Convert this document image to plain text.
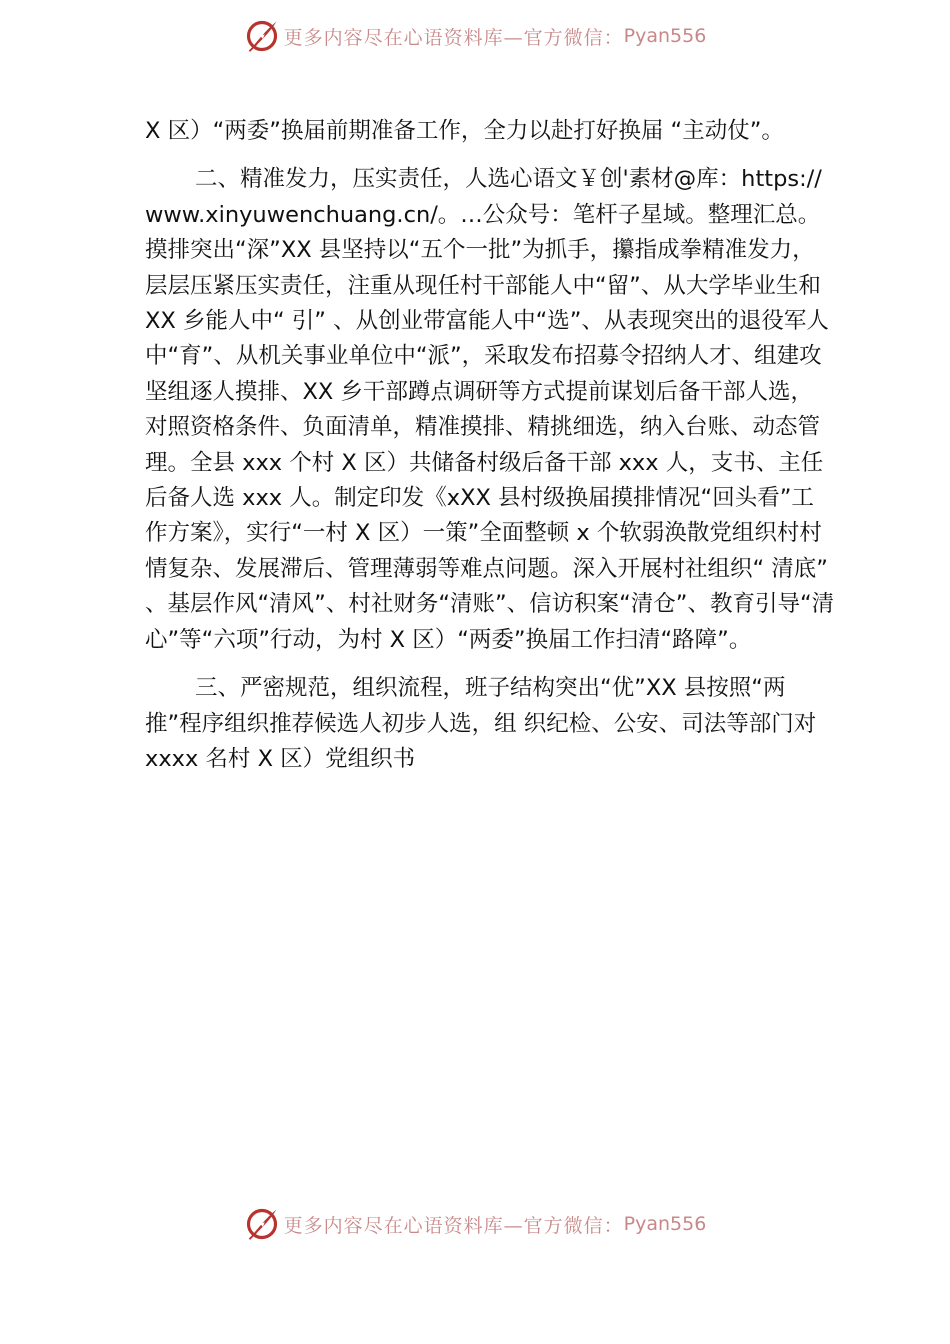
更多内容尽在心语资料库—官方微信： Pyan556

X 区）“两委”换届前期准备工作，全力以赴打好换届 “主动仗”。

二、精准发力，压实责任，人选心语文￥创'素材@库：https://www.xinyuwenchuang.cn/。…公众号：笔杆子星域。整理汇总。摸排突出“深”XX 县坚持以“五个一批”为抓手，攥指成拳精准发力， 层层压紧压实责任，注重从现任村干部能人中“留”、从大学毕业生和 XX 乡能人中“ 引” 、从创业带富能人中“选”、从表现突出的退役军人中“育”、从机关事业单位中“派”，采取发布招募令招纳人才、组建攻坚组逐人摸排、XX 乡干部蹲点调研等方式提前谋划后备干部人选， 对照资格条件、负面清单，精准摸排、精挑细选，纳入台账、动态管理。全县 xxx 个村 X 区）共储备村级后备干部 xxx 人，支书、主任后备人选 xxx 人。制定印发《xXX 县村级换届摸排情况“回头看”工作方案》，实行“一村 X 区）一策”全面整顿 x 个软弱涣散党组织村村情复杂、发展滞后、管理薄弱等难点问题。深入开展村社组织“ 清底” 、基层作风“清风”、村社财务“清账”、信访积案“清仓”、教育引导“清心”等“六项”行动，为村 X 区）“两委”换届工作扫清“路障”。

三、严密规范，组织流程，班子结构突出“优”XX 县按照“两推”程序组织推荐候选人初步人选，组 织纪检、公安、司法等部门对 xxxx 名村 X 区）党组织书

更多内容尽在心语资料库—官方微信： Pyan556
